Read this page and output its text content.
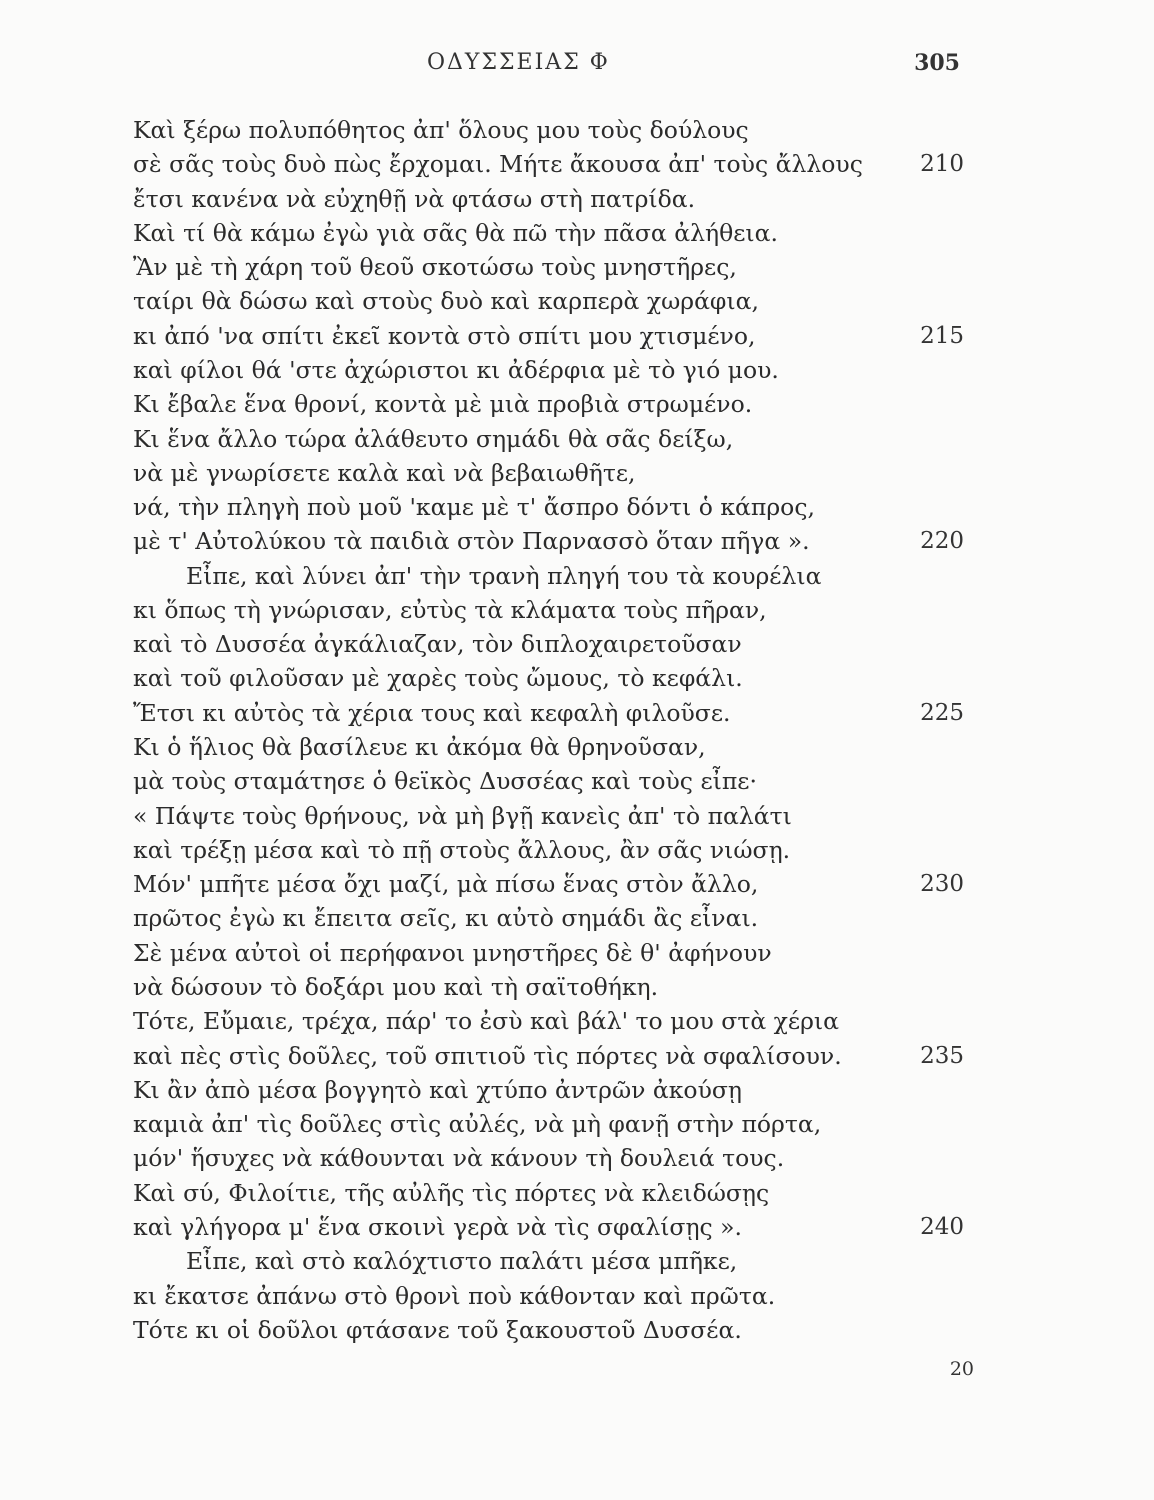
ΟΔΥΣΣΕΙΑΣ Φ	305
Καὶ ξέρω πολυπόθητος ἀπ' ὅλους μου τοὺς δούλους
σὲ σᾶς τοὺς δυὸ πὼς ἔρχομαι. Μήτε ἄκουσα ἀπ' τοὺς ἄλλους	210
ἔτσι κανένα νὰ εὐχηθῇ νὰ φτάσω στὴ πατρίδα.
Καὶ τί θὰ κάμω ἐγὼ γιὰ σᾶς θὰ πῶ τὴν πᾶσα ἀλήθεια.
Ἂν μὲ τὴ χάρη τοῦ θεοῦ σκοτώσω τοὺς μνηστῆρες,
ταίρι θὰ δώσω καὶ στοὺς δυὸ καὶ καρπερὰ χωράφια,
κι ἀπό 'να σπίτι ἐκεῖ κοντὰ στὸ σπίτι μου χτισμένο,	215
καὶ φίλοι θά 'στε ἀχώριστοι κι ἀδέρφια μὲ τὸ γιό μου.
Κι ἔβαλε ἕνα θρονί, κοντὰ μὲ μιὰ προβιὰ στρωμένο.
Κι ἕνα ἄλλο τώρα ἀλάθευτο σημάδι θὰ σᾶς δείξω,
νὰ μὲ γνωρίσετε καλὰ καὶ νὰ βεβαιωθῆτε,
νά, τὴν πληγὴ ποὺ μοῦ 'καμε μὲ τ' ἄσπρο δόντι ὁ κάπρος,
μὲ τ' Αὐτολύκου τὰ παιδιὰ στὸν Παρνασσὸ ὅταν πῆγα ».	220
Εἶπε, καὶ λύνει ἀπ' τὴν τρανὴ πληγή του τὰ κουρέλια
κι ὅπως τὴ γνώρισαν, εὐτὺς τὰ κλάματα τοὺς πῆραν,
καὶ τὸ Δυσσέα ἀγκάλιαζαν, τὸν διπλοχαιρετοῦσαν
καὶ τοῦ φιλοῦσαν μὲ χαρὲς τοὺς ὤμους, τὸ κεφάλι.
Ἔτσι κι αὐτὸς τὰ χέρια τους καὶ κεφαλὴ φιλοῦσε.	225
Κι ὁ ἥλιος θὰ βασίλευε κι ἀκόμα θὰ θρηνοῦσαν,
μὰ τοὺς σταμάτησε ὁ θεϊκὸς Δυσσέας καὶ τοὺς εἶπε·
« Πάψτε τοὺς θρήνους, νὰ μὴ βγῇ κανεὶς ἀπ' τὸ παλάτι
καὶ τρέξῃ μέσα καὶ τὸ πῇ στοὺς ἄλλους, ἂν σᾶς νιώσῃ.
Μόν' μπῆτε μέσα ὄχι μαζί, μὰ πίσω ἕνας στὸν ἄλλο,	230
πρῶτος ἐγὼ κι ἔπειτα σεῖς, κι αὐτὸ σημάδι ἂς εἶναι.
Σὲ μένα αὐτοὶ οἱ περήφανοι μνηστῆρες δὲ θ' ἀφήνουν
νὰ δώσουν τὸ δοξάρι μου καὶ τὴ σαϊτοθήκη.
Τότε, Εὔμαιε, τρέχα, πάρ' το ἐσὺ καὶ βάλ' το μου στὰ χέρια
καὶ πὲς στὶς δοῦλες, τοῦ σπιτιοῦ τὶς πόρτες νὰ σφαλίσουν.	235
Κι ἂν ἀπὸ μέσα βογγητὸ καὶ χτύπο ἀντρῶν ἀκούσῃ
καμιὰ ἀπ' τὶς δοῦλες στὶς αὐλές, νὰ μὴ φανῇ στὴν πόρτα,
μόν' ἥσυχες νὰ κάθουνται νὰ κάνουν τὴ δουλειά τους.
Καὶ σύ, Φιλοίτιε, τῆς αὐλῆς τὶς πόρτες νὰ κλειδώσῃς
καὶ γλήγορα μ' ἕνα σκοινὶ γερὰ νὰ τὶς σφαλίσῃς ».	240
Εἶπε, καὶ στὸ καλόχτιστο παλάτι μέσα μπῆκε,
κι ἔκατσε ἀπάνω στὸ θρονὶ ποὺ κάθονταν καὶ πρῶτα.
Τότε κι οἱ δοῦλοι φτάσανε τοῦ ξακουστοῦ Δυσσέα.
20
